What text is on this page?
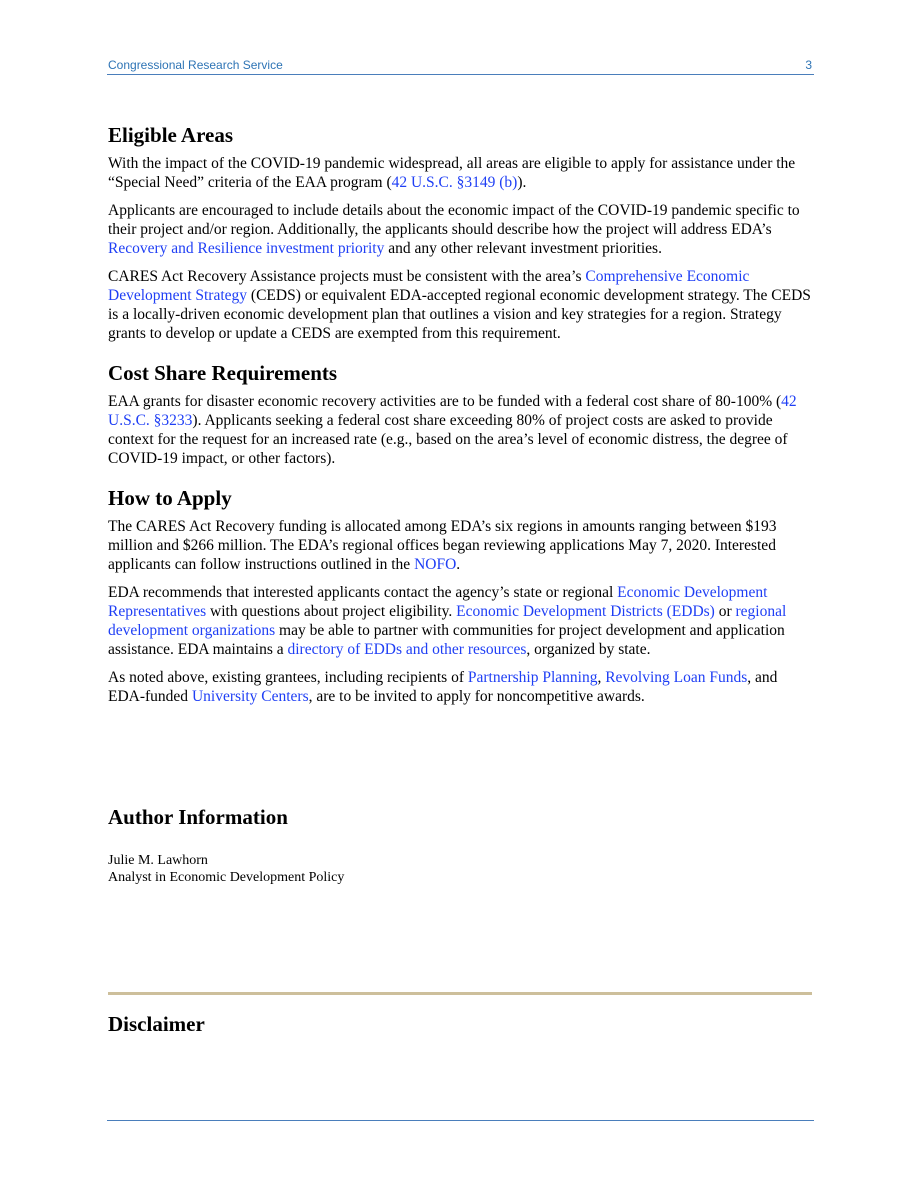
Congressional Research Service	3
Eligible Areas

With the impact of the COVID-19 pandemic widespread, all areas are eligible to apply for assistance under the “Special Need” criteria of the EAA program (42 U.S.C. §3149 (b)).

Applicants are encouraged to include details about the economic impact of the COVID-19 pandemic specific to their project and/or region. Additionally, the applicants should describe how the project will address EDA’s Recovery and Resilience investment priority and any other relevant investment priorities.

CARES Act Recovery Assistance projects must be consistent with the area’s Comprehensive Economic Development Strategy (CEDS) or equivalent EDA-accepted regional economic development strategy. The CEDS is a locally-driven economic development plan that outlines a vision and key strategies for a region. Strategy grants to develop or update a CEDS are exempted from this requirement.

Cost Share Requirements

EAA grants for disaster economic recovery activities are to be funded with a federal cost share of 80-100% (42 U.S.C. §3233). Applicants seeking a federal cost share exceeding 80% of project costs are asked to provide context for the request for an increased rate (e.g., based on the area’s level of economic distress, the degree of COVID-19 impact, or other factors).

How to Apply

The CARES Act Recovery funding is allocated among EDA’s six regions in amounts ranging between $193 million and $266 million. The EDA’s regional offices began reviewing applications May 7, 2020. Interested applicants can follow instructions outlined in the NOFO.

EDA recommends that interested applicants contact the agency’s state or regional Economic Development Representatives with questions about project eligibility. Economic Development Districts (EDDs) or regional development organizations may be able to partner with communities for project development and application assistance. EDA maintains a directory of EDDs and other resources, organized by state.

As noted above, existing grantees, including recipients of Partnership Planning, Revolving Loan Funds, and EDA-funded University Centers, are to be invited to apply for noncompetitive awards.

Author Information

Julie M. Lawhorn

Analyst in Economic Development Policy

Disclaimer
